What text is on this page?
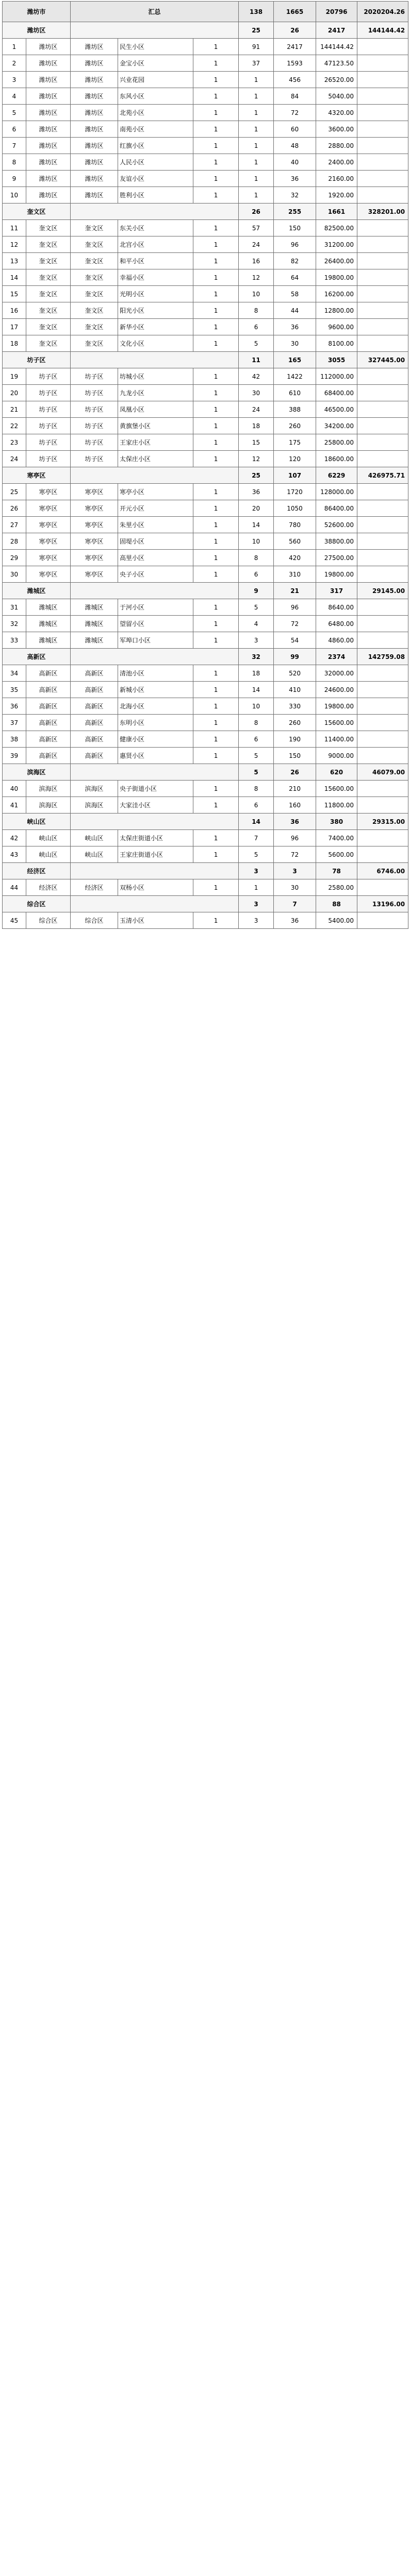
潍坊市		汇总			138	1665	20796	2020204.26
潍坊区					25	26	2417	144144.42
1	潍坊区	潍坊区	民生小区	1	91	2417	144144.42	
2	潍坊区	潍坊区	金宝小区	1	37	1593	47123.50	
3	潍坊区	潍坊区	兴业花园	1	1	456	26520.00	
4	潍坊区	潍坊区	东风小区	1	1	84	5040.00	
5	潍坊区	潍坊区	北苑小区	1	1	72	4320.00	
6	潍坊区	潍坊区	南苑小区	1	1	60	3600.00	
7	潍坊区	潍坊区	红旗小区	1	1	48	2880.00	
8	潍坊区	潍坊区	人民小区	1	1	40	2400.00	
9	潍坊区	潍坊区	友谊小区	1	1	36	2160.00	
10	潍坊区	潍坊区	胜利小区	1	1	32	1920.00	
奎文区					26	255	1661	328201.00
11	奎文区	奎文区	东关小区	1	57	150	82500.00	
12	奎文区	奎文区	北宫小区	1	24	96	31200.00	
13	奎文区	奎文区	和平小区	1	16	82	26400.00	
14	奎文区	奎文区	幸福小区	1	12	64	19800.00	
15	奎文区	奎文区	光明小区	1	10	58	16200.00	
16	奎文区	奎文区	阳光小区	1	8	44	12800.00	
17	奎文区	奎文区	新华小区	1	6	36	9600.00	
18	奎文区	奎文区	文化小区	1	5	30	8100.00	
坊子区					11	165	3055	327445.00
19	坊子区	坊子区	坊城小区	1	42	1422	112000.00	
20	坊子区	坊子区	九龙小区	1	30	610	68400.00	
21	坊子区	坊子区	凤凰小区	1	24	388	46500.00	
22	坊子区	坊子区	黄旗堡小区	1	18	260	34200.00	
23	坊子区	坊子区	王家庄小区	1	15	175	25800.00	
24	坊子区	坊子区	太保庄小区	1	12	120	18600.00	
寒亭区					25	107	6229	426975.71
25	寒亭区	寒亭区	寒亭小区	1	36	1720	128000.00	
26	寒亭区	寒亭区	开元小区	1	20	1050	86400.00	
27	寒亭区	寒亭区	朱里小区	1	14	780	52600.00	
28	寒亭区	寒亭区	固堤小区	1	10	560	38800.00	
29	寒亭区	寒亭区	高里小区	1	8	420	27500.00	
30	寒亭区	寒亭区	央子小区	1	6	310	19800.00	
潍城区					9	21	317	29145.00
31	潍城区	潍城区	于河小区	1	5	96	8640.00	
32	潍城区	潍城区	望留小区	1	4	72	6480.00	
33	潍城区	潍城区	军埠口小区	1	3	54	4860.00	
高新区					32	99	2374	142759.08
34	高新区	高新区	清池小区	1	18	520	32000.00	
35	高新区	高新区	新城小区	1	14	410	24600.00	
36	高新区	高新区	北海小区	1	10	330	19800.00	
37	高新区	高新区	东明小区	1	8	260	15600.00	
38	高新区	高新区	健康小区	1	6	190	11400.00	
39	高新区	高新区	惠贤小区	1	5	150	9000.00	
滨海区					5	26	620	46079.00
40	滨海区	滨海区	央子街道小区	1	8	210	15600.00	
41	滨海区	滨海区	大家洼小区	1	6	160	11800.00	
峡山区					14	36	380	29315.00
42	峡山区	峡山区	太保庄街道小区	1	7	96	7400.00	
43	峡山区	峡山区	王家庄街道小区	1	5	72	5600.00	
经济区					3	3	78	6746.00
44	经济区	经济区	双杨小区	1	1	30	2580.00	
综合区					3	7	88	13196.00
45	综合区	综合区	玉清小区	1	3	36	5400.00	
